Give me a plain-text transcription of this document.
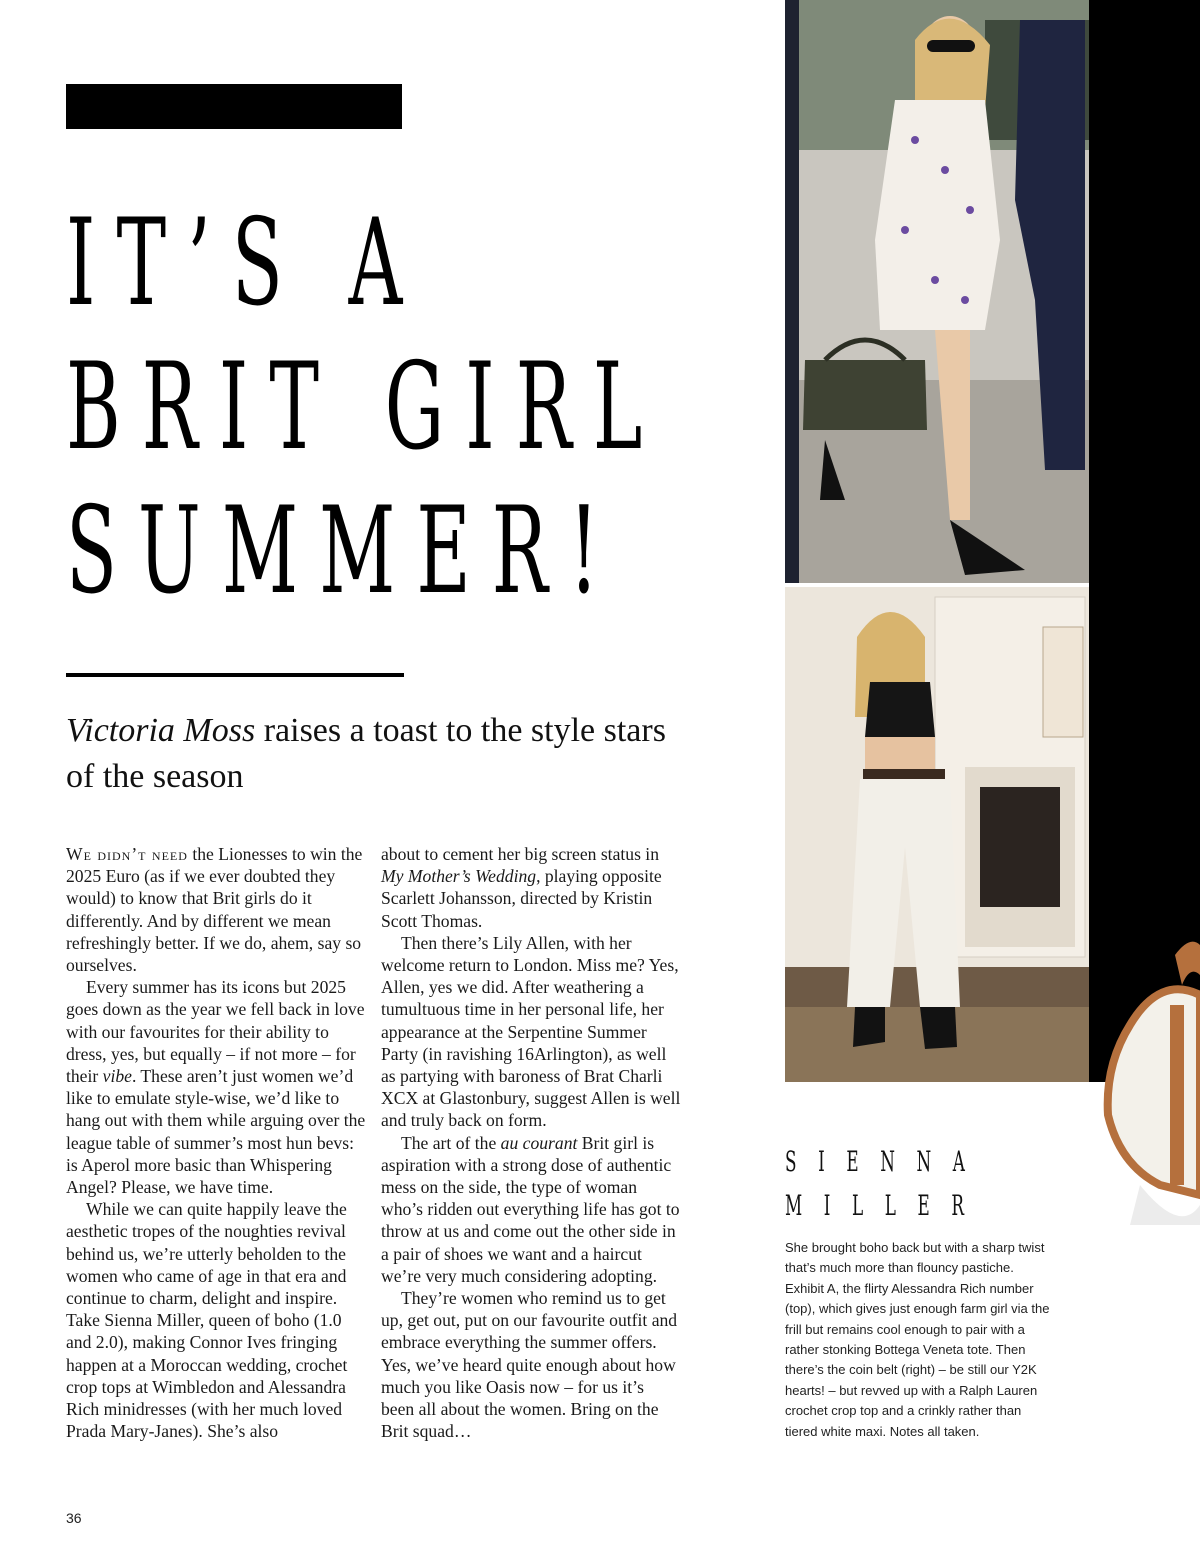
IT’S A
BRIT GIRL
SUMMER!
Victoria Moss raises a toast to the style stars of the season

We didn’t need the Lionesses to win the 2025 Euro (as if we ever doubted they would) to know that Brit girls do it differently. And by different we mean refreshingly better. If we do, ahem, say so ourselves.

Every summer has its icons but 2025 goes down as the year we fell back in love with our favourites for their ability to dress, yes, but equally – if not more – for their vibe. These aren’t just women we’d like to emulate style-wise, we’d like to hang out with them while arguing over the league table of summer’s most hun bevs: is Aperol more basic than Whispering Angel? Please, we have time.

While we can quite happily leave the aesthetic tropes of the noughties revival behind us, we’re utterly beholden to the women who came of age in that era and continue to charm, delight and inspire. Take Sienna Miller, queen of boho (1.0 and 2.0), making Connor Ives fringing happen at a Moroccan wedding, crochet crop tops at Wimbledon and Alessandra Rich minidresses (with her much loved Prada Mary-Janes). She’s also

about to cement her big screen status in My Mother’s Wedding, playing opposite Scarlett Johansson, directed by Kristin Scott Thomas.

Then there’s Lily Allen, with her welcome return to London. Miss me? Yes, Allen, yes we did. After weathering a tumultuous time in her personal life, her appearance at the Serpentine Summer Party (in ravishing 16Arlington), as well as partying with baroness of Brat Charli XCX at Glastonbury, suggest Allen is well and truly back on form.

The art of the au courant Brit girl is aspiration with a strong dose of authentic mess on the side, the type of woman who’s ridden out everything life has got to throw at us and come out the other side in a pair of shoes we want and a haircut we’re very much considering adopting.

They’re women who remind us to get up, get out, put on our favourite outfit and embrace everything the summer offers. Yes, we’ve heard quite enough about how much you like Oasis now – for us it’s been all about the women. Bring on the Brit squad…

36
SIENNA
MILLER
She brought boho back but with a sharp twist that’s much more than flouncy pastiche. Exhibit A, the flirty Alessandra Rich number (top), which gives just enough farm girl via the frill but remains cool enough to pair with a rather stonking Bottega Veneta tote. Then there’s the coin belt (right) – be still our Y2K hearts! – but revved up with a Ralph Lauren crochet crop top and a crinkly rather than tiered white maxi. Notes all taken.
